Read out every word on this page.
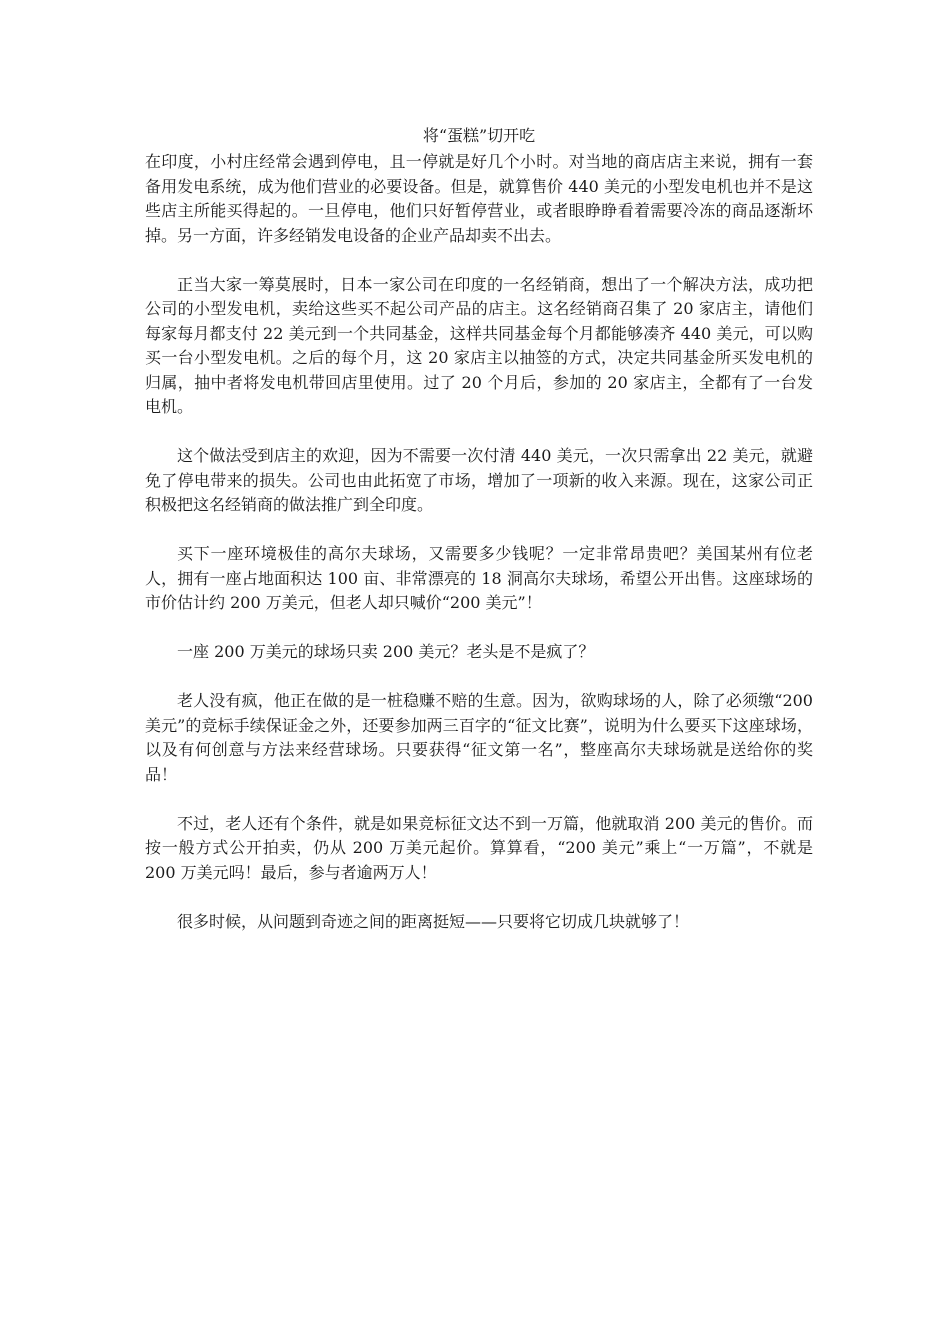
将“蛋糕”切开吃

在印度，小村庄经常会遇到停电，且一停就是好几个小时。对当地的商店店主来说，拥有一套备用发电系统，成为他们营业的必要设备。但是，就算售价 440 美元的小型发电机也并不是这些店主所能买得起的。一旦停电，他们只好暂停营业，或者眼睁睁看着需要冷冻的商品逐渐坏掉。另一方面，许多经销发电设备的企业产品却卖不出去。

正当大家一筹莫展时，日本一家公司在印度的一名经销商，想出了一个解决方法，成功把公司的小型发电机，卖给这些买不起公司产品的店主。这名经销商召集了 20 家店主，请他们每家每月都支付 22 美元到一个共同基金，这样共同基金每个月都能够凑齐 440 美元，可以购买一台小型发电机。之后的每个月，这 20 家店主以抽签的方式，决定共同基金所买发电机的归属，抽中者将发电机带回店里使用。过了 20 个月后，参加的 20 家店主，全都有了一台发电机。

这个做法受到店主的欢迎，因为不需要一次付清 440 美元，一次只需拿出 22 美元，就避免了停电带来的损失。公司也由此拓宽了市场，增加了一项新的收入来源。现在，这家公司正积极把这名经销商的做法推广到全印度。

买下一座环境极佳的高尔夫球场，又需要多少钱呢？一定非常昂贵吧？美国某州有位老人，拥有一座占地面积达 100 亩、非常漂亮的 18 洞高尔夫球场，希望公开出售。这座球场的市价估计约 200 万美元，但老人却只喊价“200 美元”！

一座 200 万美元的球场只卖 200 美元？老头是不是疯了？

老人没有疯，他正在做的是一桩稳赚不赔的生意。因为，欲购球场的人，除了必须缴“200 美元”的竞标手续保证金之外，还要参加两三百字的“征文比赛”，说明为什么要买下这座球场，以及有何创意与方法来经营球场。只要获得“征文第一名”，整座高尔夫球场就是送给你的奖品！

不过，老人还有个条件，就是如果竞标征文达不到一万篇，他就取消 200 美元的售价。而按一般方式公开拍卖，仍从 200 万美元起价。算算看，“200 美元”乘上“一万篇”，不就是 200 万美元吗！最后，参与者逾两万人！

很多时候，从问题到奇迹之间的距离挺短——只要将它切成几块就够了！
